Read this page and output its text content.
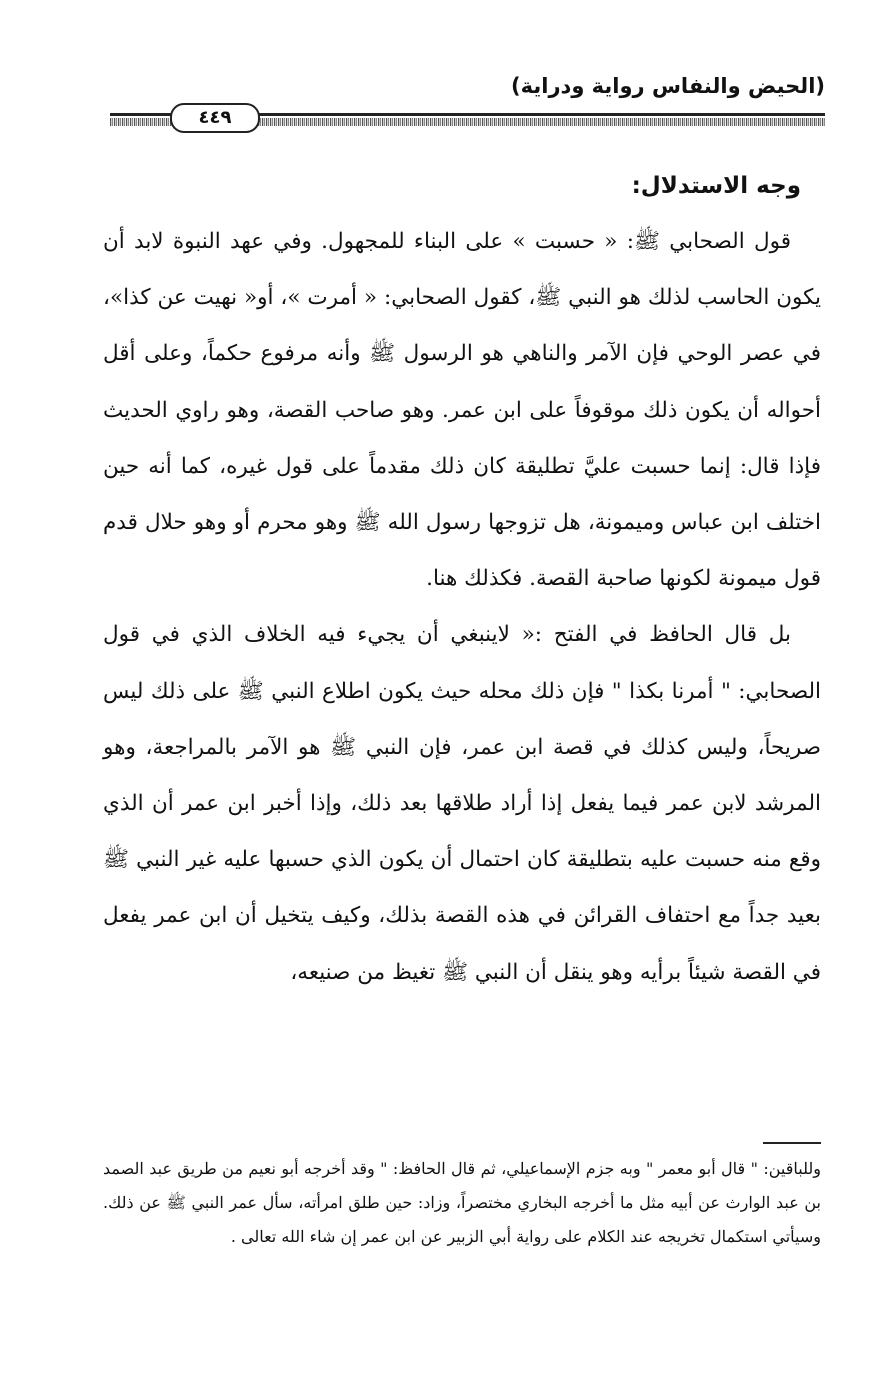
(الحيض والنفاس رواية ودراية)
٤٤٩
وجه الاستدلال:

قول الصحابي ﷺ: « حسبت » على البناء للمجهول. وفي عهد النبوة لابد أن يكون الحاسب لذلك هو النبي ﷺ، كقول الصحابي: « أمرت »، أو« نهيت عن كذا»، في عصر الوحي فإن الآمر والناهي هو الرسول ﷺ وأنه مرفوع حكماً، وعلى أقل أحواله أن يكون ذلك موقوفاً على ابن عمر. وهو صاحب القصة، وهو راوي الحديث فإذا قال: إنما حسبت عليَّ تطليقة كان ذلك مقدماً على قول غيره، كما أنه حين اختلف ابن عباس وميمونة، هل تزوجها رسول الله ﷺ وهو محرم أو وهو حلال قدم قول ميمونة لكونها صاحبة القصة. فكذلك هنا.

بل قال الحافظ في الفتح :« لاينبغي أن يجيء فيه الخلاف الذي في قول الصحابي: " أمرنا بكذا " فإن ذلك محله حيث يكون اطلاع النبي ﷺ على ذلك ليس صريحاً، وليس كذلك في قصة ابن عمر، فإن النبي ﷺ هو الآمر بالمراجعة، وهو المرشد لابن عمر فيما يفعل إذا أراد طلاقها بعد ذلك، وإذا أخبر ابن عمر أن الذي وقع منه حسبت عليه بتطليقة كان احتمال أن يكون الذي حسبها عليه غير النبي ﷺ بعيد جداً مع احتفاف القرائن في هذه القصة بذلك، وكيف يتخيل أن ابن عمر يفعل في القصة شيئاً برأيه وهو ينقل أن النبي ﷺ تغيظ من صنيعه،

وللباقين: " قال أبو معمر " وبه جزم الإسماعيلي، ثم قال الحافظ: " وقد أخرجه أبو نعيم من طريق عبد الصمد بن عبد الوارث عن أبيه مثل ما أخرجه البخاري مختصراً، وزاد: حين طلق امرأته، سأل عمر النبي ﷺ عن ذلك. وسيأتي استكمال تخريجه عند الكلام على رواية أبي الزبير عن ابن عمر إن شاء الله تعالى .
